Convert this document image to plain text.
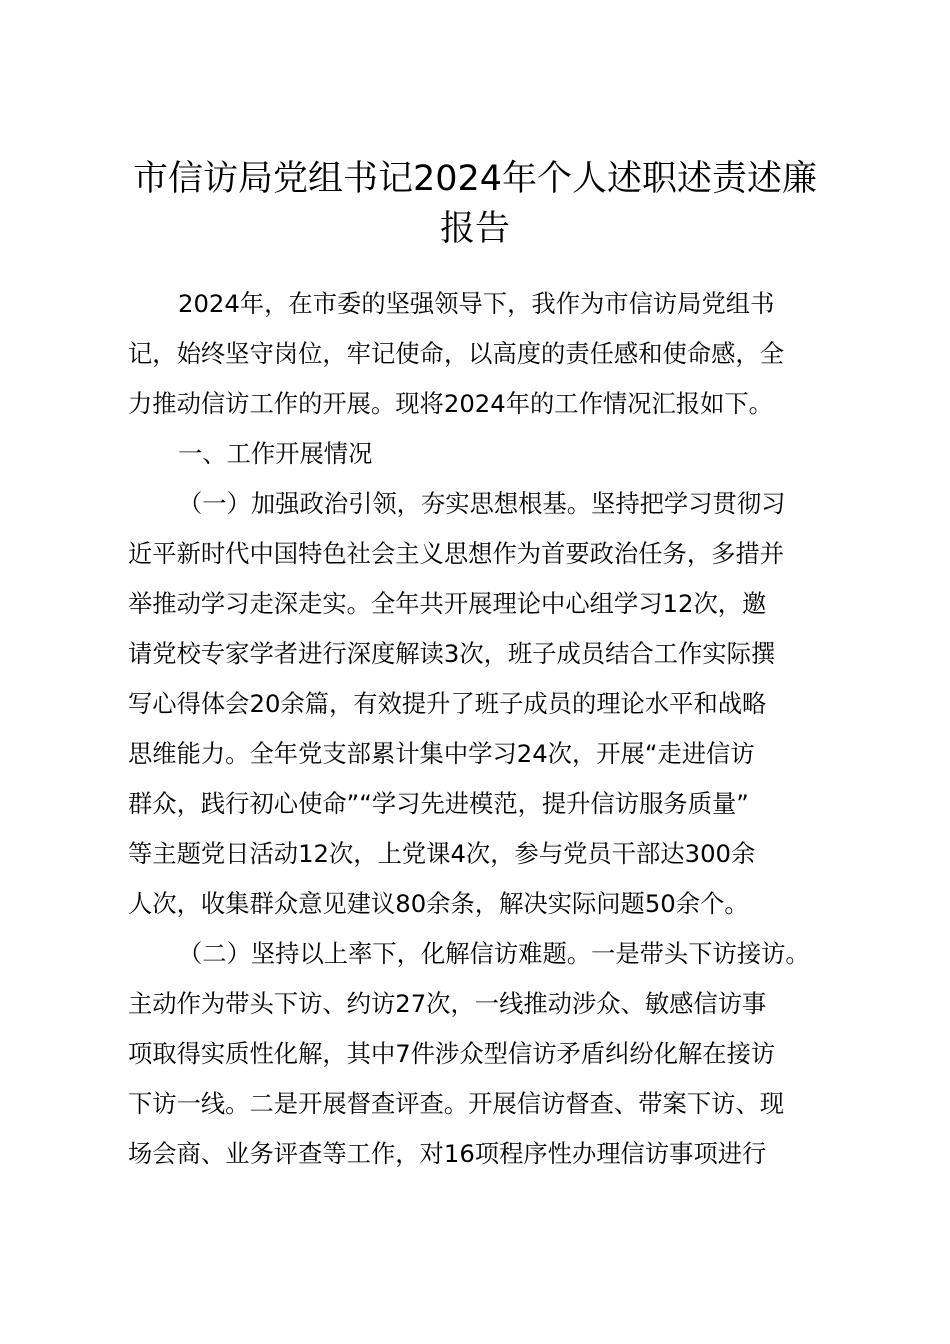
市信访局党组书记2024年个人述职述责述廉
报告
2024年，在市委的坚强领导下，我作为市信访局党组书
记，始终坚守岗位，牢记使命，以高度的责任感和使命感，全
力推动信访工作的开展。现将2024年的工作情况汇报如下。
一、工作开展情况
（一）加强政治引领，夯实思想根基。坚持把学习贯彻习
近平新时代中国特色社会主义思想作为首要政治任务，多措并
举推动学习走深走实。全年共开展理论中心组学习12次，邀
请党校专家学者进行深度解读3次，班子成员结合工作实际撰
写心得体会20余篇，有效提升了班子成员的理论水平和战略
思维能力。全年党支部累计集中学习24次，开展“走进信访
群众，践行初心使命”“学习先进模范，提升信访服务质量”
等主题党日活动12次，上党课4次，参与党员干部达300余
人次，收集群众意见建议80余条，解决实际问题50余个。
（二）坚持以上率下，化解信访难题。一是带头下访接访。
主动作为带头下访、约访27次，一线推动涉众、敏感信访事
项取得实质性化解，其中7件涉众型信访矛盾纠纷化解在接访
下访一线。二是开展督查评查。开展信访督查、带案下访、现
场会商、业务评查等工作，对16项程序性办理信访事项进行
